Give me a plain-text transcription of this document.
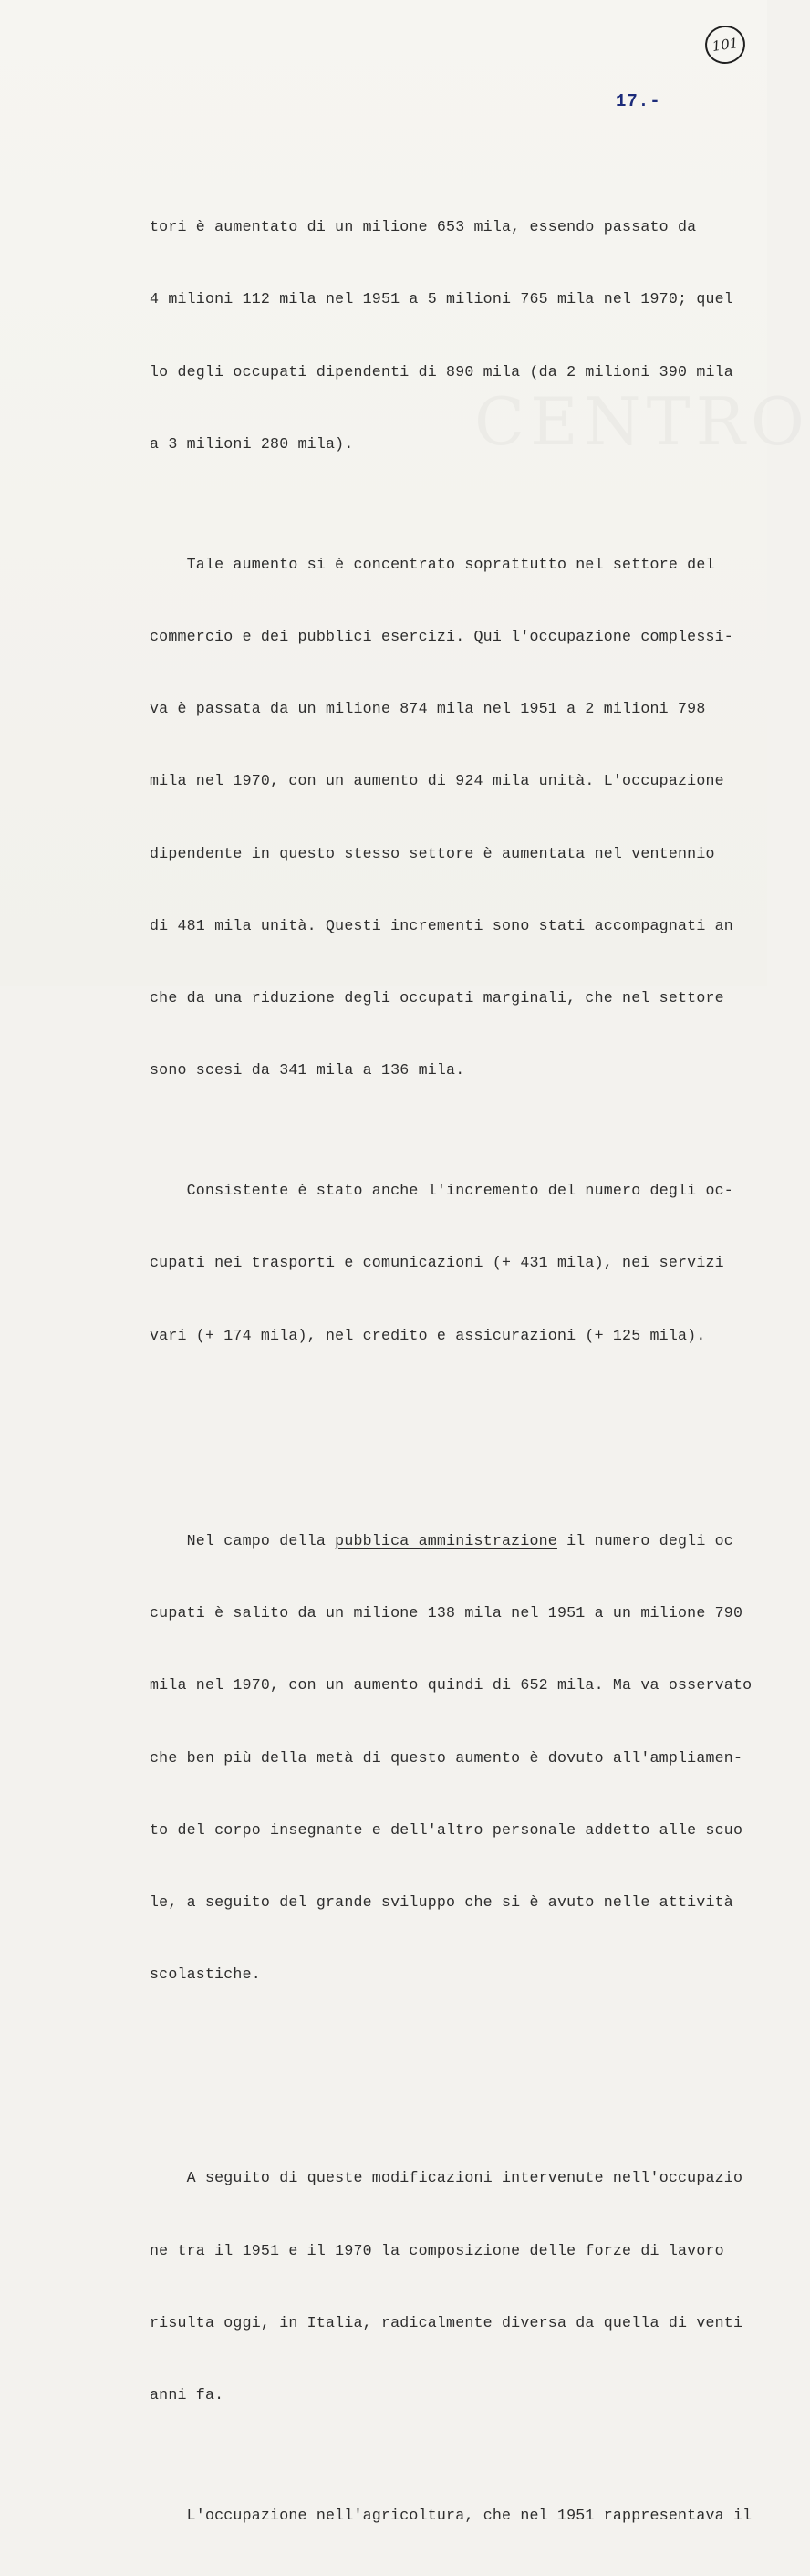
CENTRO
101
17.-

tori è aumentato di un milione 653 mila, essendo passato da

4 milioni 112 mila nel 1951 a 5 milioni 765 mila nel 1970; quel

lo degli occupati dipendenti di 890 mila (da 2 milioni 390 mila

a 3 milioni 280 mila).

Tale aumento si è concentrato soprattutto nel settore del

commercio e dei pubblici esercizi. Qui l'occupazione complessi-

va è passata da un milione 874 mila nel 1951 a 2 milioni 798

mila nel 1970, con un aumento di 924 mila unità. L'occupazione

dipendente in questo stesso settore è aumentata nel ventennio

di 481 mila unità. Questi incrementi sono stati accompagnati an

che da una riduzione degli occupati marginali, che nel settore

sono scesi da 341 mila a 136 mila.

Consistente è stato anche l'incremento del numero degli oc-

cupati nei trasporti e comunicazioni (+ 431 mila), nei servizi

vari (+ 174 mila), nel credito e assicurazioni (+ 125 mila).

Nel campo della pubblica amministrazione il numero degli oc

cupati è salito da un milione 138 mila nel 1951 a un milione 790

mila nel 1970, con un aumento quindi di 652 mila. Ma va osservato

che ben più della metà di questo aumento è dovuto all'ampliamen-

to del corpo insegnante e dell'altro personale addetto alle scuo

le, a seguito del grande sviluppo che si è avuto nelle attività

scolastiche.

A seguito di queste modificazioni intervenute nell'occupazio

ne tra il 1951 e il 1970 la composizione delle forze di lavoro

risulta oggi, in Italia, radicalmente diversa da quella di venti

anni fa.

L'occupazione nell'agricoltura, che nel 1951 rappresentava il
